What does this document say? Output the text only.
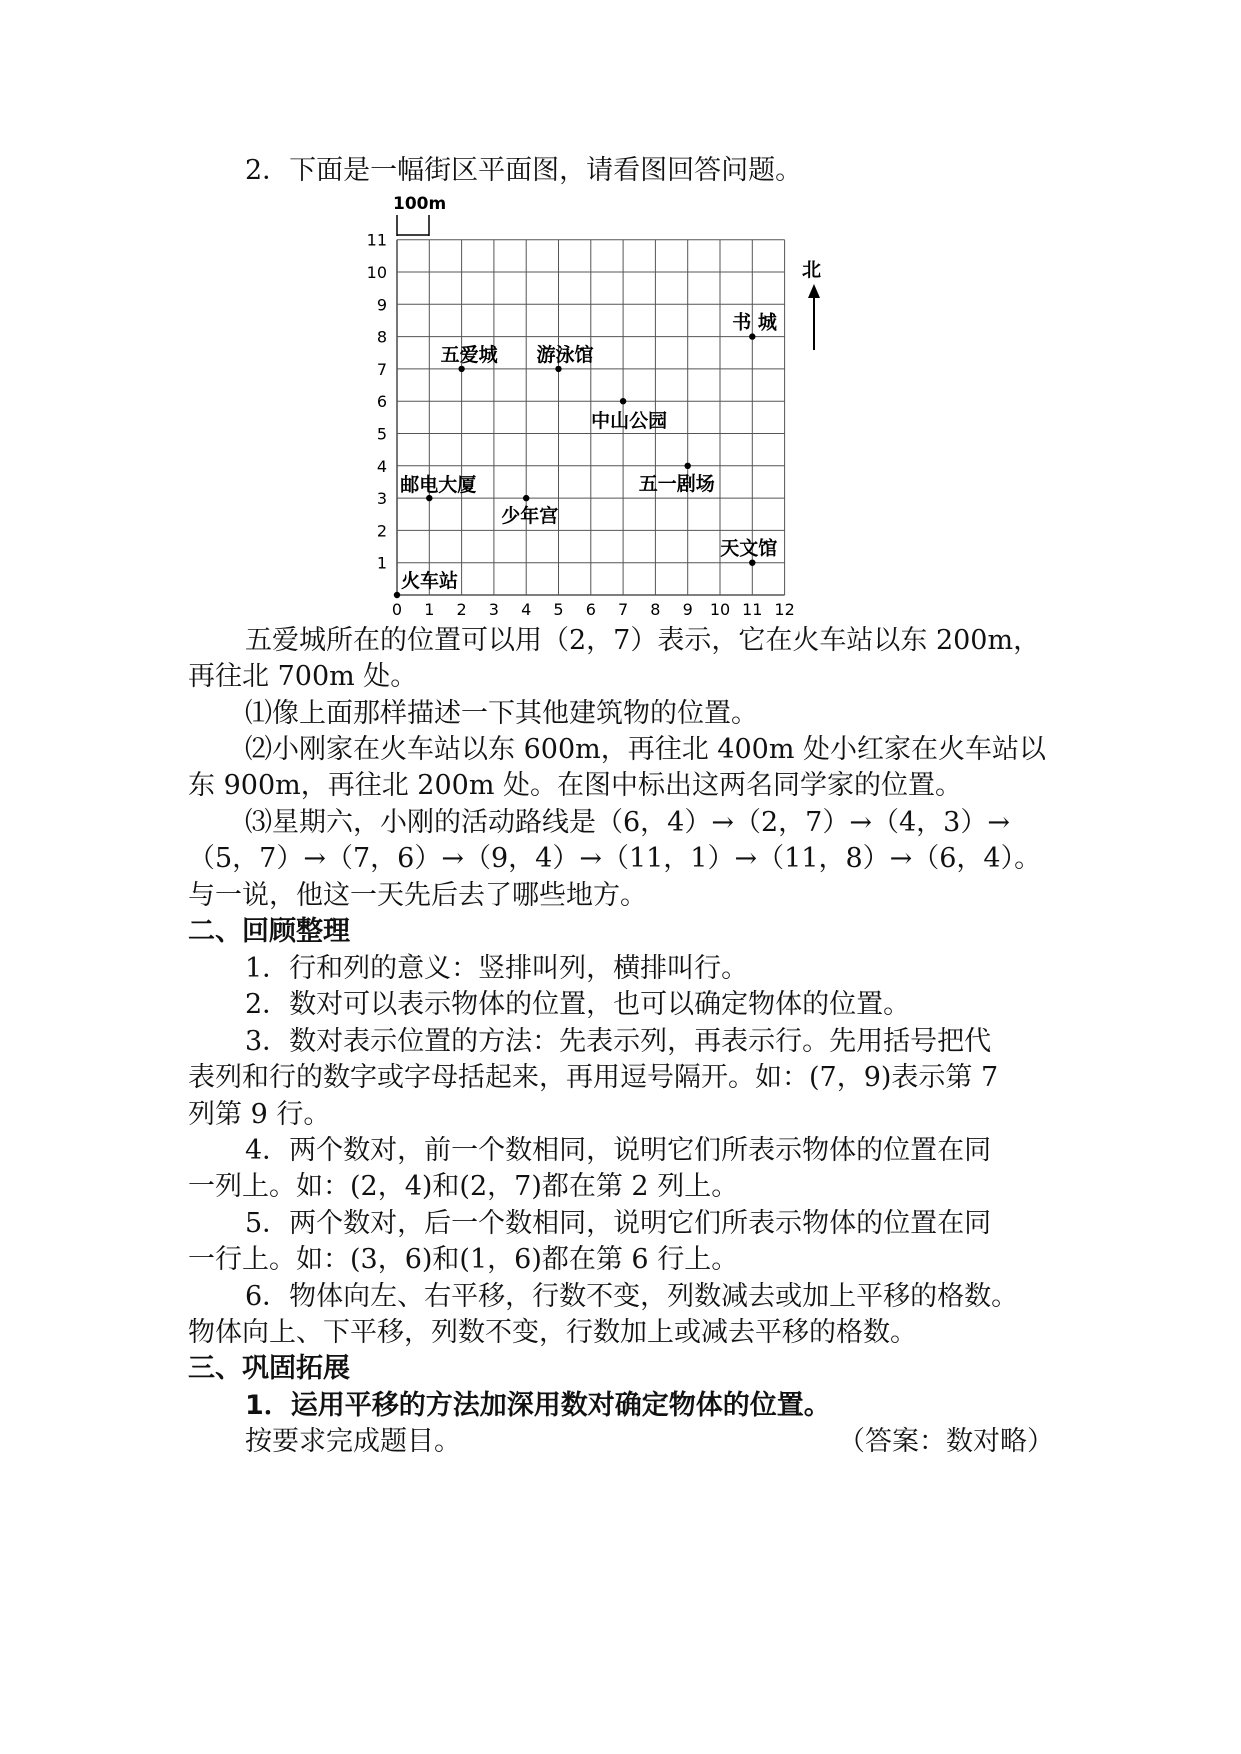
2．下面是一幅街区平面图，请看图回答问题。
0 1 2 3 4 5 6 7 8 9 10 11 12
1
2
3
4
5
6
7
8
9
10
11
100m
北
五爱城 游泳馆
书 城
中山公园
邮电大厦	五一剧场
少年宫
天文馆
火车站
五爱城所在的位置可以用（2，7）表示，它在火车站以东 200m，
再往北 700m 处。
⑴像上面那样描述一下其他建筑物的位置。
⑵小刚家在火车站以东 600m，再往北 400m 处小红家在火车站以
东 900m，再往北 200m 处。在图中标出这两名同学家的位置。
⑶星期六，小刚的活动路线是（6，4）→（2，7）→（4，3）→
（5，7）→（7，6）→（9，4）→（11，1）→（11，8）→（6，4）。
与一说，他这一天先后去了哪些地方。
二、回顾整理
1．行和列的意义：竖排叫列，横排叫行。
2．数对可以表示物体的位置，也可以确定物体的位置。
3．数对表示位置的方法：先表示列，再表示行。先用括号把代
表列和行的数字或字母括起来，再用逗号隔开。如：(7，9)表示第 7
列第 9 行。
4．两个数对，前一个数相同，说明它们所表示物体的位置在同
一列上。如：(2，4)和(2，7)都在第 2 列上。
5．两个数对，后一个数相同，说明它们所表示物体的位置在同
一行上。如：(3，6)和(1，6)都在第 6 行上。
6．物体向左、右平移，行数不变，列数减去或加上平移的格数。
物体向上、下平移，列数不变，行数加上或减去平移的格数。
三、巩固拓展
1．运用平移的方法加深用数对确定物体的位置。
按要求完成题目。	（答案：数对略）
